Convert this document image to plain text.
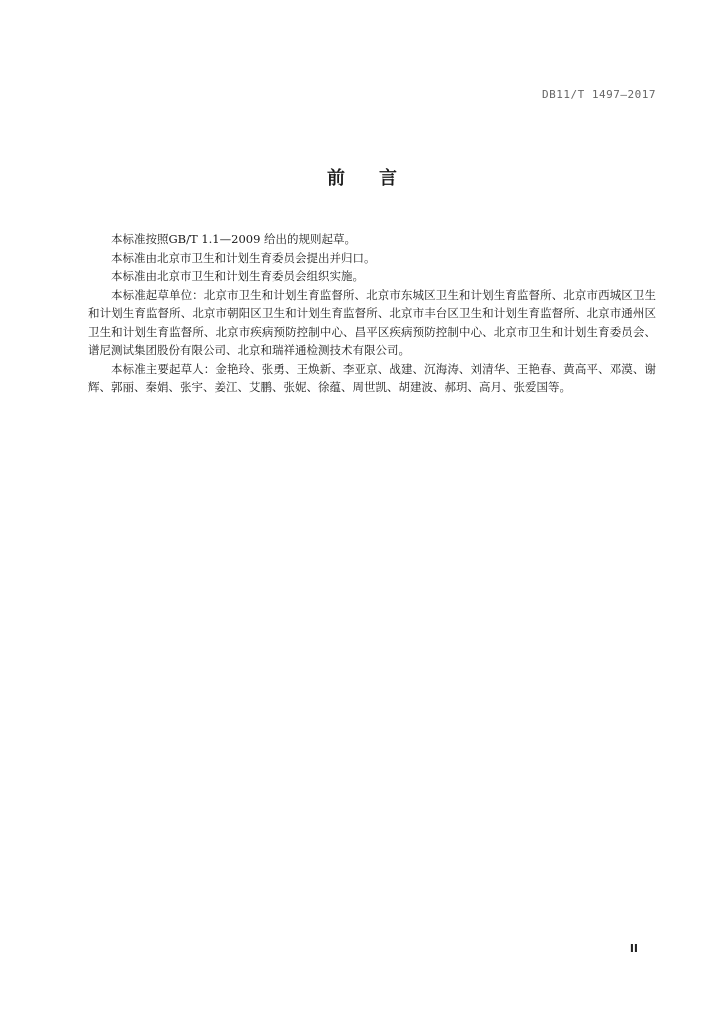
DB11/T 1497—2017
前言

本标准按照GB/T 1.1—2009 给出的规则起草。

本标准由北京市卫生和计划生育委员会提出并归口。

本标准由北京市卫生和计划生育委员会组织实施。

本标准起草单位：北京市卫生和计划生育监督所、北京市东城区卫生和计划生育监督所、北京市西城区卫生和计划生育监督所、北京市朝阳区卫生和计划生育监督所、北京市丰台区卫生和计划生育监督所、北京市通州区卫生和计划生育监督所、北京市疾病预防控制中心、昌平区疾病预防控制中心、北京市卫生和计划生育委员会、谱尼测试集团股份有限公司、北京和瑞祥通检测技术有限公司。

本标准主要起草人：金艳玲、张勇、王焕新、李亚京、战建、沉海涛、刘清华、王艳春、黄高平、邓漠、谢辉、郭丽、秦娟、张宇、姜江、艾鹏、张妮、徐蕴、周世凯、胡建波、郝玥、高月、张爱国等。

II
